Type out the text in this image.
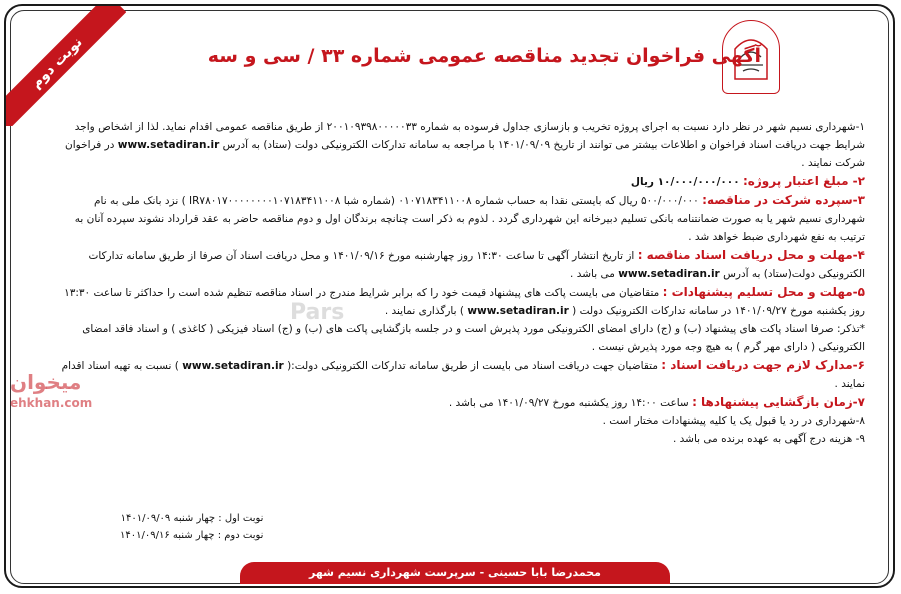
نوبت دوم	آگهی فراخوان تجدید مناقصه عمومی شماره ۳۳ / سی و سه

۱-شهرداری نسیم شهر در نظر دارد نسبت به اجرای پروژه تخریب و بازسازی جداول فرسوده به شماره ۲۰۰۱۰۹۳۹۸۰۰۰۰۰۳۳ از طریق مناقصه عمومی اقدام نماید. لذا از اشخاص واجد شرایط جهت دریافت اسناد فراخوان و اطلاعات بیشتر می توانند از تاریخ ۱۴۰۱/۰۹/۰۹ با مراجعه به سامانه تدارکات الکترونیکی دولت (ستاد) به آدرس www.setadiran.ir در فراخوان شرکت نمایند .

۲- مبلغ اعتبار پروژه: ۱۰/۰۰۰/۰۰۰/۰۰۰ ریال

۳-سپرده شرکت در مناقصه: ۵۰۰/۰۰۰/۰۰۰ ریال که بایستی نقدا به حساب شماره ۰۱۰۷۱۸۳۴۱۱۰۰۸ (شماره شبا IR۷۸۰۱۷۰۰۰۰۰۰۰۰۱۰۷۱۸۳۴۱۱۰۰۸ ) نزد بانک ملی به نام شهرداری نسیم شهر یا به صورت ضمانتنامه بانکی تسلیم دبیرخانه این شهرداری گردد . لذوم به ذکر است چنانچه برندگان اول و دوم مناقصه حاضر به عقد قرارداد نشوند سپرده آنان به ترتیب به نفع شهرداری ضبط خواهد شد .

۴-مهلت و محل دریافت اسناد مناقصه : از تاریخ انتشار آگهی تا ساعت ۱۴:۳۰ روز چهارشنبه مورخ ۱۴۰۱/۰۹/۱۶ و محل دریافت اسناد آن صرفا از طریق سامانه تدارکات الکترونیکی دولت(ستاد) به آدرس www.setadiran.ir می باشد .

۵-مهلت و محل تسلیم پیشنهادات : متقاضیان می بایست پاکت های پیشنهاد قیمت خود را که برابر شرایط مندرج در اسناد مناقصه تنظیم شده است را حداکثر تا ساعت ۱۳:۳۰ روز یکشنبه مورخ ۱۴۰۱/۰۹/۲۷ در سامانه تدارکات الکترونیک دولت ( www.setadiran.ir ) بارگذاری نمایند .

*تذکر: صرفا اسناد پاکت های پیشنهاد (ب) و (ج) دارای امضای الکترونیکی مورد پذیرش است و در جلسه بازگشایی پاکت های (ب) و (ج) اسناد فیزیکی ( کاغذی ) و اسناد فاقد امضای الکترونیکی ( دارای مهر گرم ) به هیچ وجه مورد پذیرش نیست .

۶-مدارک لازم جهت دریافت اسناد : متقاضیان جهت دریافت اسناد می بایست از طریق سامانه تدارکات الکترونیکی دولت:( www.setadiran.ir ) نسبت به تهیه اسناد اقدام نمایند .

۷-زمان بازگشایی پیشنهادها : ساعت ۱۴:۰۰ روز یکشنبه مورخ ۱۴۰۱/۰۹/۲۷ می باشد .

۸-شهرداری در رد یا قبول یک یا کلیه پیشنهادات مختار است .

۹- هزینه درج آگهی به عهده برنده می باشد .

نوبت اول : چهار شنبه ۱۴۰۱/۰۹/۰۹
نوبت دوم : چهار شنبه ۱۴۰۱/۰۹/۱۶
میخوان
ehkhan.com
Pars
محمدرضا بابا حسینی - سرپرست شهرداری نسیم شهر
